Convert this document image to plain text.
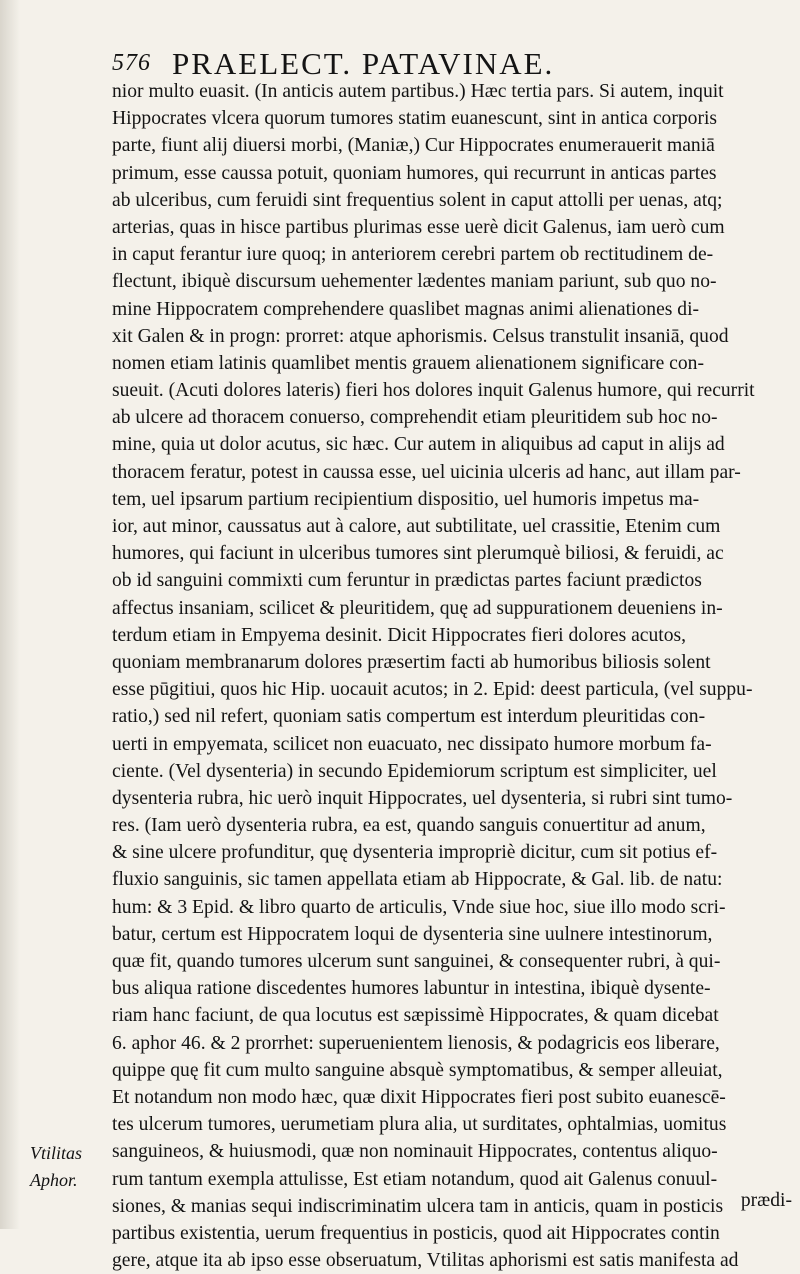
576 PRAELECT. PATAVINAE.
nior multo euasit. (In anticis autem partibus.) Hæc tertia pars. Si autem, inquit
Hippocrates vlcera quorum tumores statim euanescunt, sint in antica corporis
parte, fiunt alij diuersi morbi, (Maniæ,) Cur Hippocrates enumerauerit maniā
primum, esse caussa potuit, quoniam humores, qui recurrunt in anticas partes
ab ulceribus, cum feruidi sint frequentius solent in caput attolli per uenas, atq;
arterias, quas in hisce partibus plurimas esse uerè dicit Galenus, iam uerò cum
in caput ferantur iure quoq; in anteriorem cerebri partem ob rectitudinem de-
flectunt, ibiquè discursum uehementer lædentes maniam pariunt, sub quo no-
mine Hippocratem comprehendere quaslibet magnas animi alienationes di-
xit Galen & in progn: prorret: atque aphorismis. Celsus transtulit insaniā, quod
nomen etiam latinis quamlibet mentis grauem alienationem significare con-
sueuit. (Acuti dolores lateris) fieri hos dolores inquit Galenus humore, qui recurrit
ab ulcere ad thoracem conuerso, comprehendit etiam pleuritidem sub hoc no-
mine, quia ut dolor acutus, sic hæc. Cur autem in aliquibus ad caput in alijs ad
thoracem feratur, potest in caussa esse, uel uicinia ulceris ad hanc, aut illam par-
tem, uel ipsarum partium recipientium dispositio, uel humoris impetus ma-
ior, aut minor, caussatus aut à calore, aut subtilitate, uel crassitie, Etenim cum
humores, qui faciunt in ulceribus tumores sint plerumquè biliosi, & feruidi, ac
ob id sanguini commixti cum feruntur in prædictas partes faciunt prædictos
affectus insaniam, scilicet & pleuritidem, quę ad suppurationem deueniens in-
terdum etiam in Empyema desinit. Dicit Hippocrates fieri dolores acutos,
quoniam membranarum dolores præsertim facti ab humoribus biliosis solent
esse pūgitiui, quos hic Hip. uocauit acutos; in 2. Epid: deest particula, (vel suppu-
ratio,) sed nil refert, quoniam satis compertum est interdum pleuritidas con-
uerti in empyemata, scilicet non euacuato, nec dissipato humore morbum fa-
ciente. (Vel dysenteria) in secundo Epidemiorum scriptum est simpliciter, uel
dysenteria rubra, hic uerò inquit Hippocrates, uel dysenteria, si rubri sint tumo-
res. (Iam uerò dysenteria rubra, ea est, quando sanguis conuertitur ad anum,
& sine ulcere profunditur, quę dysenteria impropriè dicitur, cum sit potius ef-
fluxio sanguinis, sic tamen appellata etiam ab Hippocrate, & Gal. lib. de natu:
hum: & 3 Epid. & libro quarto de articulis, Vnde siue hoc, siue illo modo scri-
batur, certum est Hippocratem loqui de dysenteria sine uulnere intestinorum,
quæ fit, quando tumores ulcerum sunt sanguinei, & consequenter rubri, à qui-
bus aliqua ratione discedentes humores labuntur in intestina, ibiquè dysente-
riam hanc faciunt, de qua locutus est sæpissimè Hippocrates, & quam dicebat
6. aphor 46. & 2 prorrhet: superuenientem lienosis, & podagricis eos liberare,
quippe quę fit cum multo sanguine absquè symptomatibus, & semper alleuiat,
Et notandum non modo hæc, quæ dixit Hippocrates fieri post subito euanescē-
tes ulcerum tumores, uerumetiam plura alia, ut surditates, ophtalmias, uomitus
sanguineos, & huiusmodi, quæ non nominauit Hippocrates, contentus aliquo-
rum tantum exempla attulisse, Est etiam notandum, quod ait Galenus conuul-
siones, & manias sequi indiscriminatim ulcera tam in anticis, quam in posticis
partibus existentia, uerum frequentius in posticis, quod ait Hippocrates contin
gere, atque ita ab ipso esse obseruatum, Vtilitas aphorismi est satis manifesta ad
Vtilitas
Aphor.
prædi-
